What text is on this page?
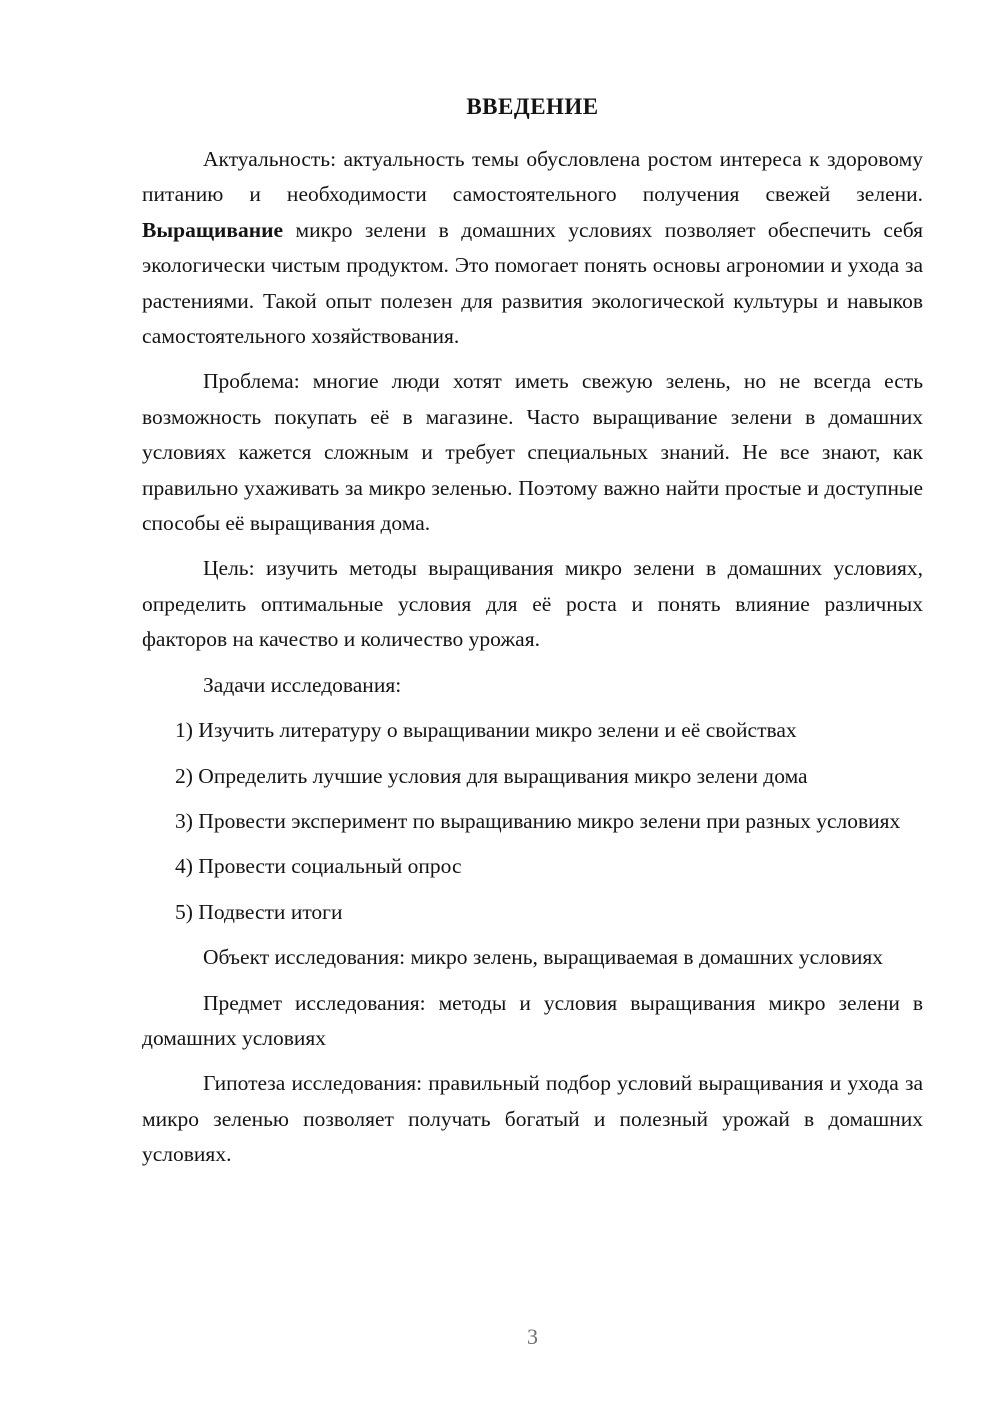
ВВЕДЕНИЕ

Актуальность: актуальность темы обусловлена ростом интереса к здоровому питанию и необходимости самостоятельного получения свежей зелени. Выращивание микро зелени в домашних условиях позволяет обеспечить себя экологически чистым продуктом. Это помогает понять основы агрономии и ухода за растениями. Такой опыт полезен для развития экологической культуры и навыков самостоятельного хозяйствования.

Проблема: многие люди хотят иметь свежую зелень, но не всегда есть возможность покупать её в магазине. Часто выращивание зелени в домашних условиях кажется сложным и требует специальных знаний. Не все знают, как правильно ухаживать за микро зеленью. Поэтому важно найти простые и доступные способы её выращивания дома.

Цель: изучить методы выращивания микро зелени в домашних условиях, определить оптимальные условия для её роста и понять влияние различных факторов на качество и количество урожая.

Задачи исследования:

1) Изучить литературу о выращивании микро зелени и её свойствах

2) Определить лучшие условия для выращивания микро зелени дома

3) Провести эксперимент по выращиванию микро зелени при разных условиях

4) Провести социальный опрос

5) Подвести итоги

Объект исследования: микро зелень, выращиваемая в домашних условиях

Предмет исследования: методы и условия выращивания микро зелени в домашних условиях

Гипотеза исследования: правильный подбор условий выращивания и ухода за микро зеленью позволяет получать богатый и полезный урожай в домашних условиях.

3
